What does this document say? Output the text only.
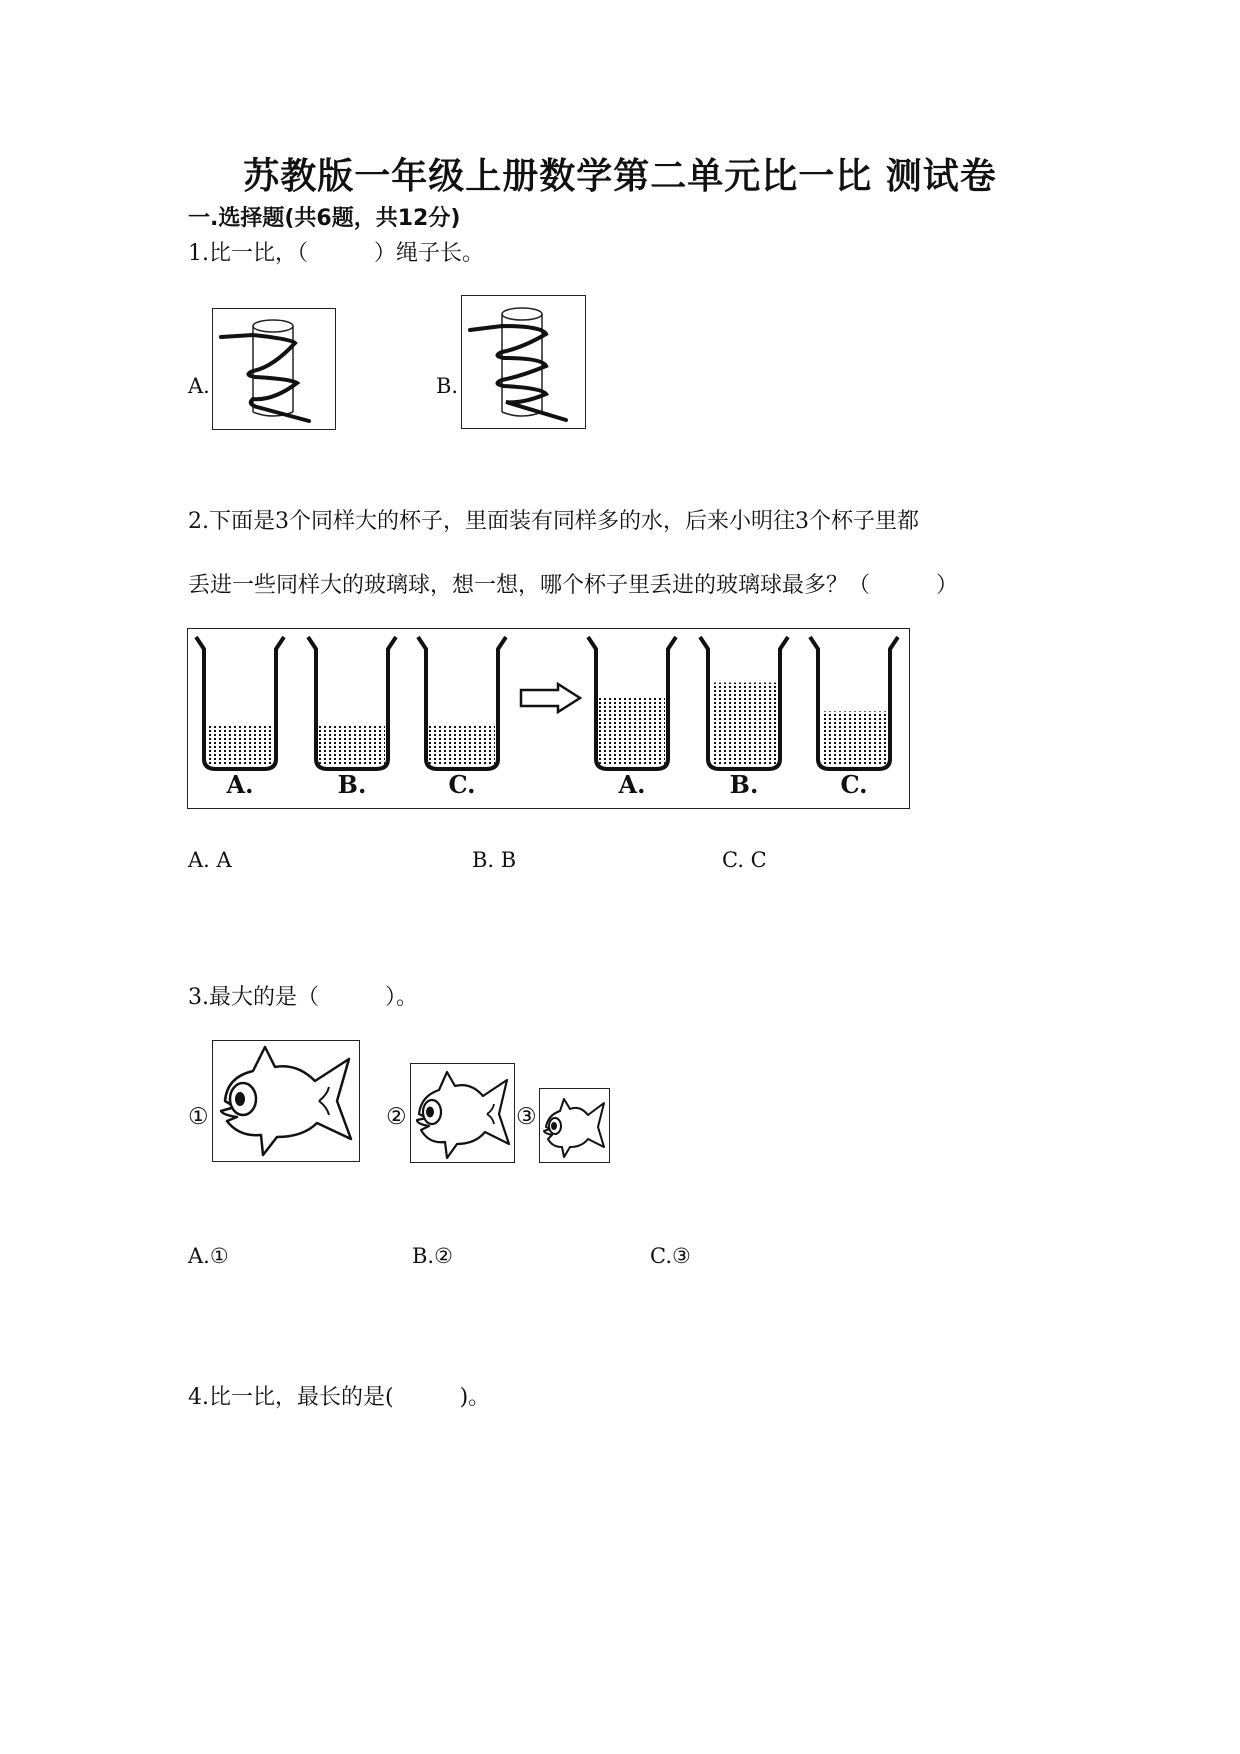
苏教版一年级上册数学第二单元比一比 测试卷
一.选择题(共6题，共12分)
1.比一比，（　　　）绳子长。
A.	B.
2.下面是3个同样大的杯子，里面装有同样多的水，后来小明往3个杯子里都
丢进一些同样大的玻璃球，想一想，哪个杯子里丢进的玻璃球最多？（　　　）
A.	B.	C.	A.	B.	C.
A. A	B. B	C. C
3.最大的是（　　　）。
①	②	③
A.①	B.②	C.③
4.比一比，最长的是(　　　)。
